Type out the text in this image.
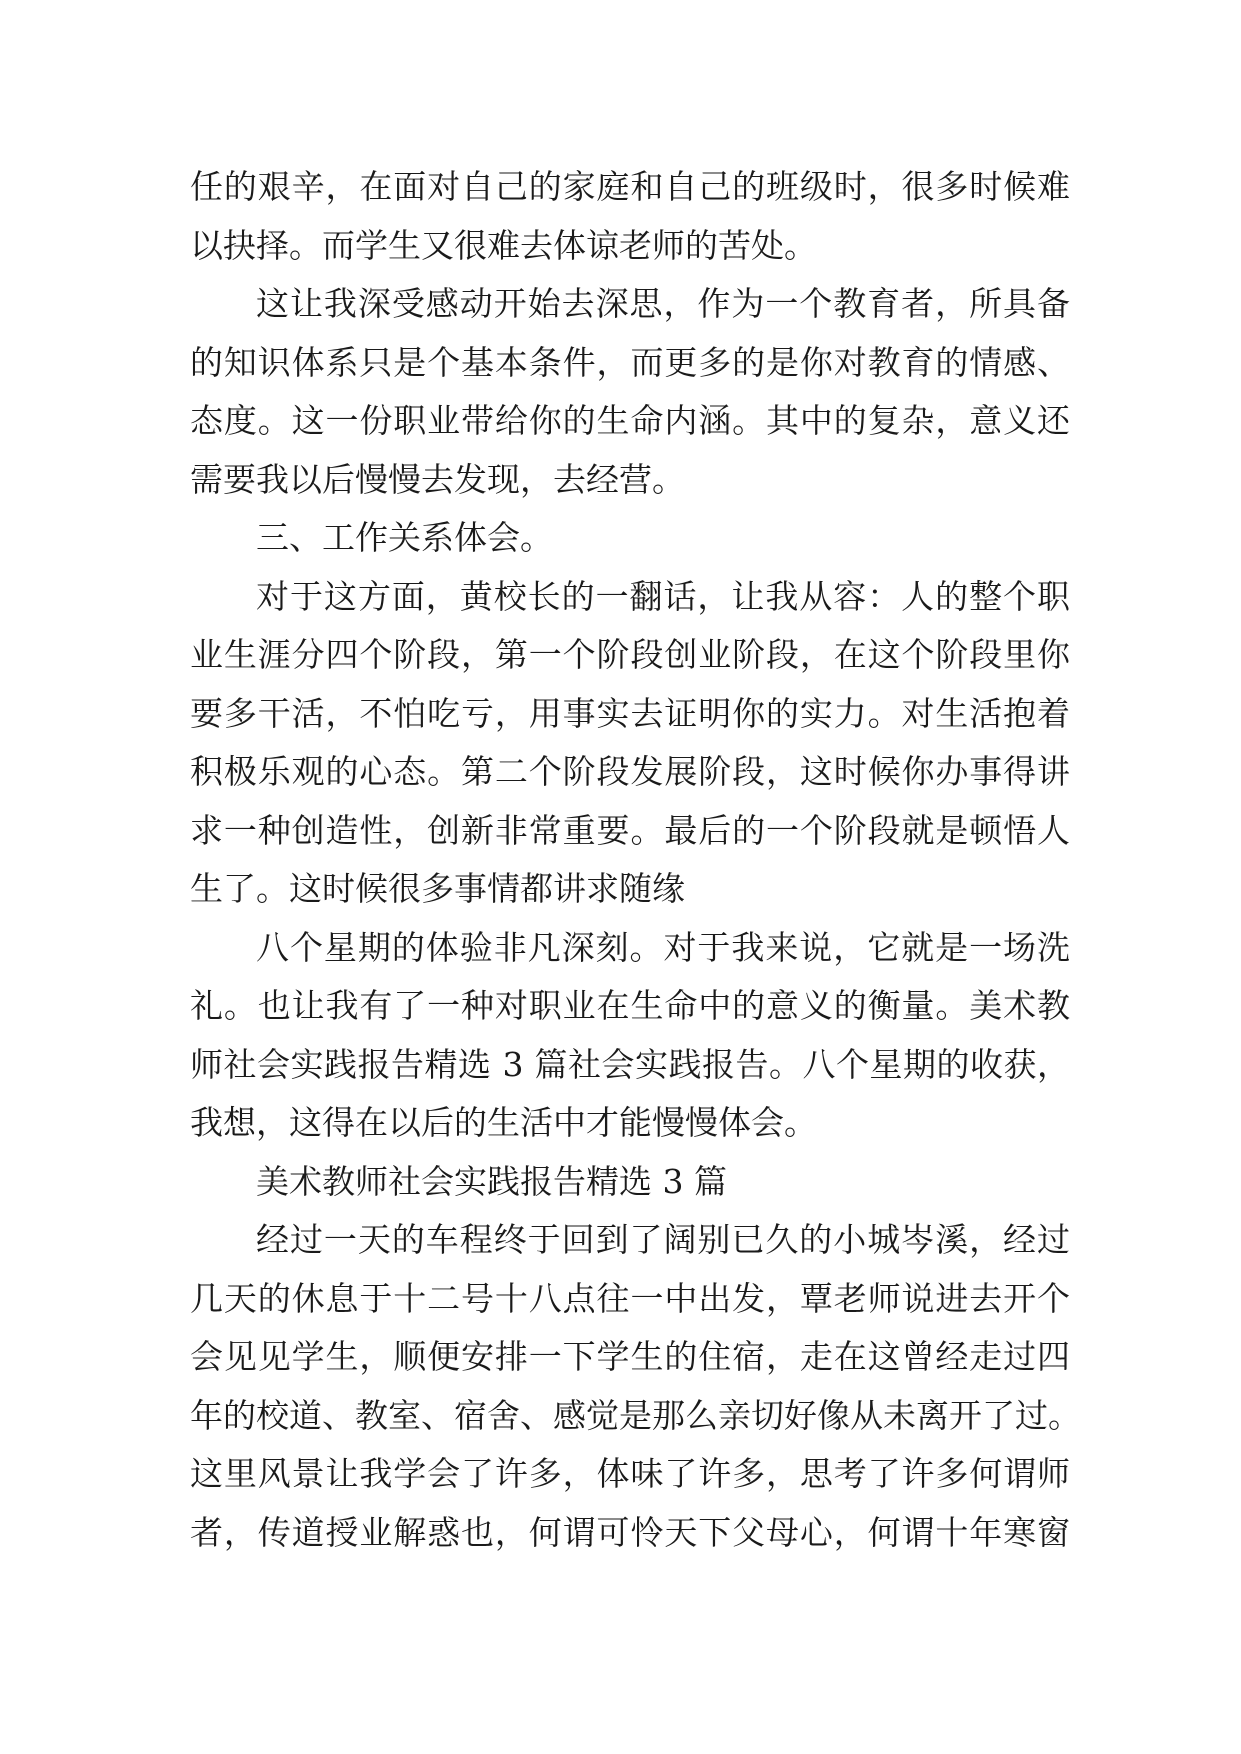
任的艰辛，在面对自己的家庭和自己的班级时，很多时候难
以抉择。而学生又很难去体谅老师的苦处。
这让我深受感动开始去深思，作为一个教育者，所具备
的知识体系只是个基本条件，而更多的是你对教育的情感、
态度。这一份职业带给你的生命内涵。其中的复杂，意义还
需要我以后慢慢去发现，去经营。
三、工作关系体会。
对于这方面，黄校长的一翻话，让我从容：人的整个职
业生涯分四个阶段，第一个阶段创业阶段，在这个阶段里你
要多干活，不怕吃亏，用事实去证明你的实力。对生活抱着
积极乐观的心态。第二个阶段发展阶段，这时候你办事得讲
求一种创造性，创新非常重要。最后的一个阶段就是顿悟人
生了。这时候很多事情都讲求随缘
八个星期的体验非凡深刻。对于我来说，它就是一场洗
礼。也让我有了一种对职业在生命中的意义的衡量。美术教
师社会实践报告精选 3 篇社会实践报告。八个星期的收获，
我想，这得在以后的生活中才能慢慢体会。
美术教师社会实践报告精选 3 篇
经过一天的车程终于回到了阔别已久的小城岑溪，经过
几天的休息于十二号十八点往一中出发，覃老师说进去开个
会见见学生，顺便安排一下学生的住宿，走在这曾经走过四
年的校道、教室、宿舍、感觉是那么亲切好像从未离开了过。
这里风景让我学会了许多，体味了许多，思考了许多何谓师
者，传道授业解惑也，何谓可怜天下父母心，何谓十年寒窗
